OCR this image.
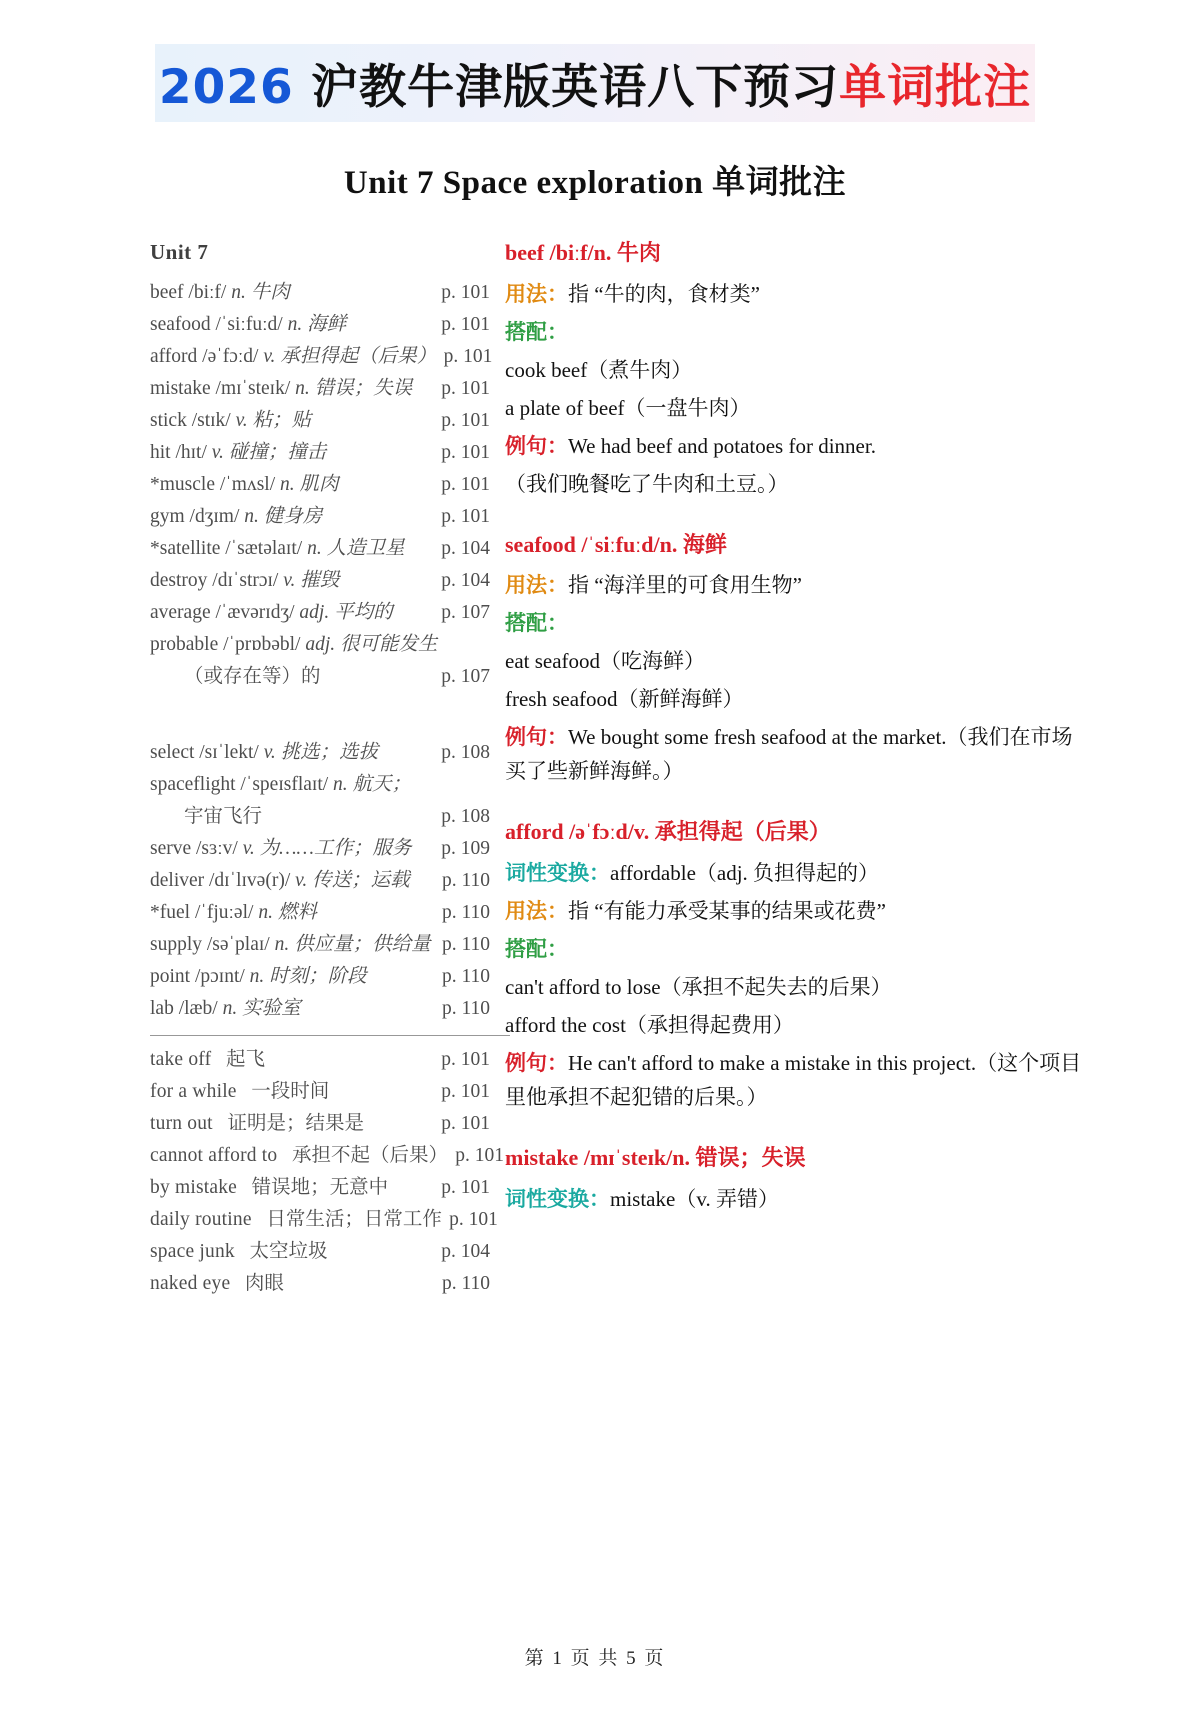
2026 沪教牛津版英语八下预习单词批注
Unit 7 Space exploration 单词批注
Unit 7
beef /biːf/ n. 牛肉	p. 101
seafood /ˈsiːfuːd/ n. 海鲜	p. 101
afford /əˈfɔːd/ v. 承担得起（后果） p. 101
mistake /mɪˈsteɪk/ n. 错误；失误	p. 101
stick /stɪk/ v. 粘；贴	p. 101
hit /hɪt/ v. 碰撞；撞击	p. 101
*muscle /ˈmʌsl/ n. 肌肉	p. 101
gym /dʒɪm/ n. 健身房	p. 101
*satellite /ˈsætəlaɪt/ n. 人造卫星	p. 104
destroy /dɪˈstrɔɪ/ v. 摧毁	p. 104
average /ˈævərɪdʒ/ adj. 平均的	p. 107
probable /ˈprɒbəbl/ adj. 很可能发生
（或存在等）的	p. 107
select /sɪˈlekt/ v. 挑选；选拔	p. 108
spaceflight /ˈspeɪsflaɪt/ n. 航天；
宇宙飞行	p. 108
serve /sɜːv/ v. 为……工作；服务	p. 109
deliver /dɪˈlɪvə(r)/ v. 传送；运载	p. 110
*fuel /ˈfjuːəl/ n. 燃料	p. 110
supply /səˈplaɪ/ n. 供应量；供给量 p. 110
point /pɔɪnt/ n. 时刻；阶段	p. 110
lab /læb/ n. 实验室	p. 110
take off 起飞	p. 101
for a while 一段时间	p. 101
turn out 证明是；结果是	p. 101
cannot afford to 承担不起（后果） p. 101
by mistake 错误地；无意中	p. 101
daily routine 日常生活；日常工作 p. 101
space junk 太空垃圾	p. 104
naked eye 肉眼	p. 110
beef /biːf/n. 牛肉
用法：指 “牛的肉，食材类”
搭配：
cook beef（煮牛肉）
a plate of beef（一盘牛肉）
例句：We had beef and potatoes for dinner.
（我们晚餐吃了牛肉和土豆。）
seafood /ˈsiːfuːd/n. 海鲜
用法：指 “海洋里的可食用生物”
搭配：
eat seafood（吃海鲜）
fresh seafood（新鲜海鲜）
例句：We bought some fresh seafood at the market.（我们在市场买了些新鲜海鲜。）
afford /əˈfɔːd/v. 承担得起（后果）
词性变换：affordable（adj. 负担得起的）
用法：指 “有能力承受某事的结果或花费”
搭配：
can't afford to lose（承担不起失去的后果）
afford the cost（承担得起费用）
例句：He can't afford to make a mistake in this project.（这个项目里他承担不起犯错的后果。）
mistake /mɪˈsteɪk/n. 错误；失误
词性变换：mistake（v. 弄错）
第 1 页 共 5 页
